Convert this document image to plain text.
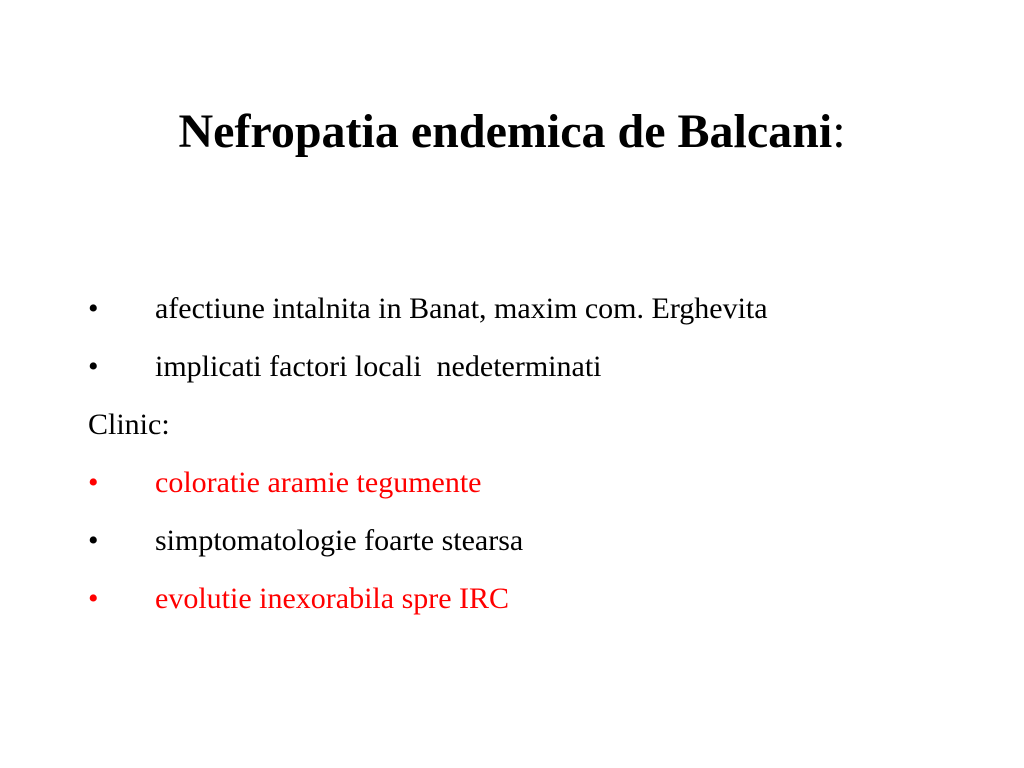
Nefropatia endemica de Balcani:
•	afectiune intalnita in Banat, maxim com. Erghevita
•	implicati factori locali  nedeterminati
Clinic:
•	coloratie aramie tegumente
•	simptomatologie foarte stearsa
•	evolutie inexorabila spre IRC
